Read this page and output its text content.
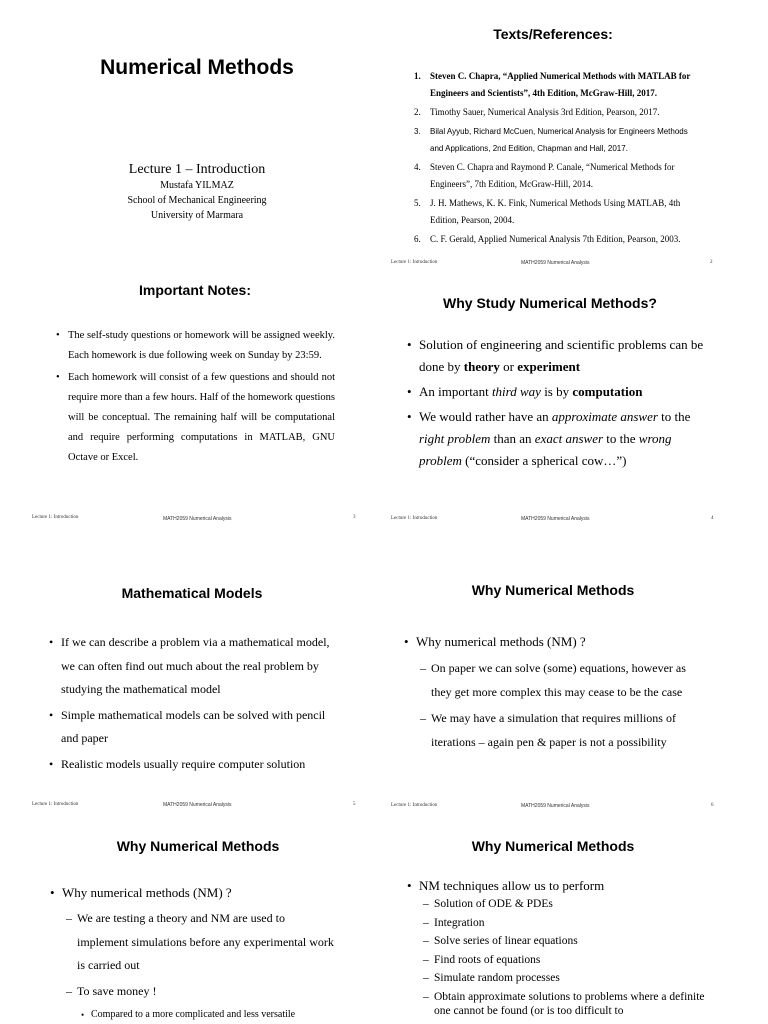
Numerical Methods
Lecture 1 – Introduction
Mustafa YILMAZ
School of Mechanical Engineering
University of Marmara
Texts/References:
1. Steven C. Chapra, “Applied Numerical Methods with MATLAB for Engineers and Scientists”, 4th Edition, McGraw-Hill, 2017.
2. Timothy Sauer, Numerical Analysis 3rd Edition, Pearson, 2017.
3. Bilal Ayyub, Richard McCuen, Numerical Analysis for Engineers Methods and Applications, 2nd Edition, Chapman and Hall, 2017.
4. Steven C. Chapra and Raymond P. Canale, “Numerical Methods for Engineers”, 7th Edition, McGraw-Hill, 2014.
5. J. H. Mathews, K. K. Fink, Numerical Methods Using MATLAB, 4th Edition, Pearson, 2004.
6. C. F. Gerald, Applied Numerical Analysis 7th Edition, Pearson, 2003.
Lecture 1: Introduction	MATH2059 Numerical Analysis	2
Important Notes:
• The self-study questions or homework will be assigned weekly. Each homework is due following week on Sunday by 23:59.
• Each homework will consist of a few questions and should not require more than a few hours. Half of the homework questions will be conceptual. The remaining half will be computational and require performing computations in MATLAB, GNU Octave or Excel.
Lecture 1: Introduction	MATH2059 Numerical Analysis	3
Why Study Numerical Methods?
• Solution of engineering and scientific problems can be done by theory or experiment
• An important third way is by computation
• We would rather have an approximate answer to the right problem than an exact answer to the wrong problem (“consider a spherical cow…”)
Lecture 1: Introduction	MATH2059 Numerical Analysis	4
Mathematical Models
• If we can describe a problem via a mathematical model, we can often find out much about the real problem by studying the mathematical model
• Simple mathematical models can be solved with pencil and paper
• Realistic models usually require computer solution
Lecture 1: Introduction	MATH2059 Numerical Analysis	5
Why Numerical Methods
• Why numerical methods (NM) ?
– On paper we can solve (some) equations, however as they get more complex this may cease to be the case
– We may have a simulation that requires millions of iterations – again pen & paper is not a possibility
Lecture 1: Introduction	MATH2059 Numerical Analysis	6
Why Numerical Methods
• Why numerical methods (NM) ?
– We are testing a theory and NM are used to implement simulations before any experimental work is carried out
– To save money !
• Compared to a more complicated and less versatile
Why Numerical Methods
• NM techniques allow us to perform
– Solution of ODE & PDEs
– Integration
– Solve series of linear equations
– Find roots of equations
– Simulate random processes
– Obtain approximate solutions to problems where a definite one cannot be found (or is too difficult to
